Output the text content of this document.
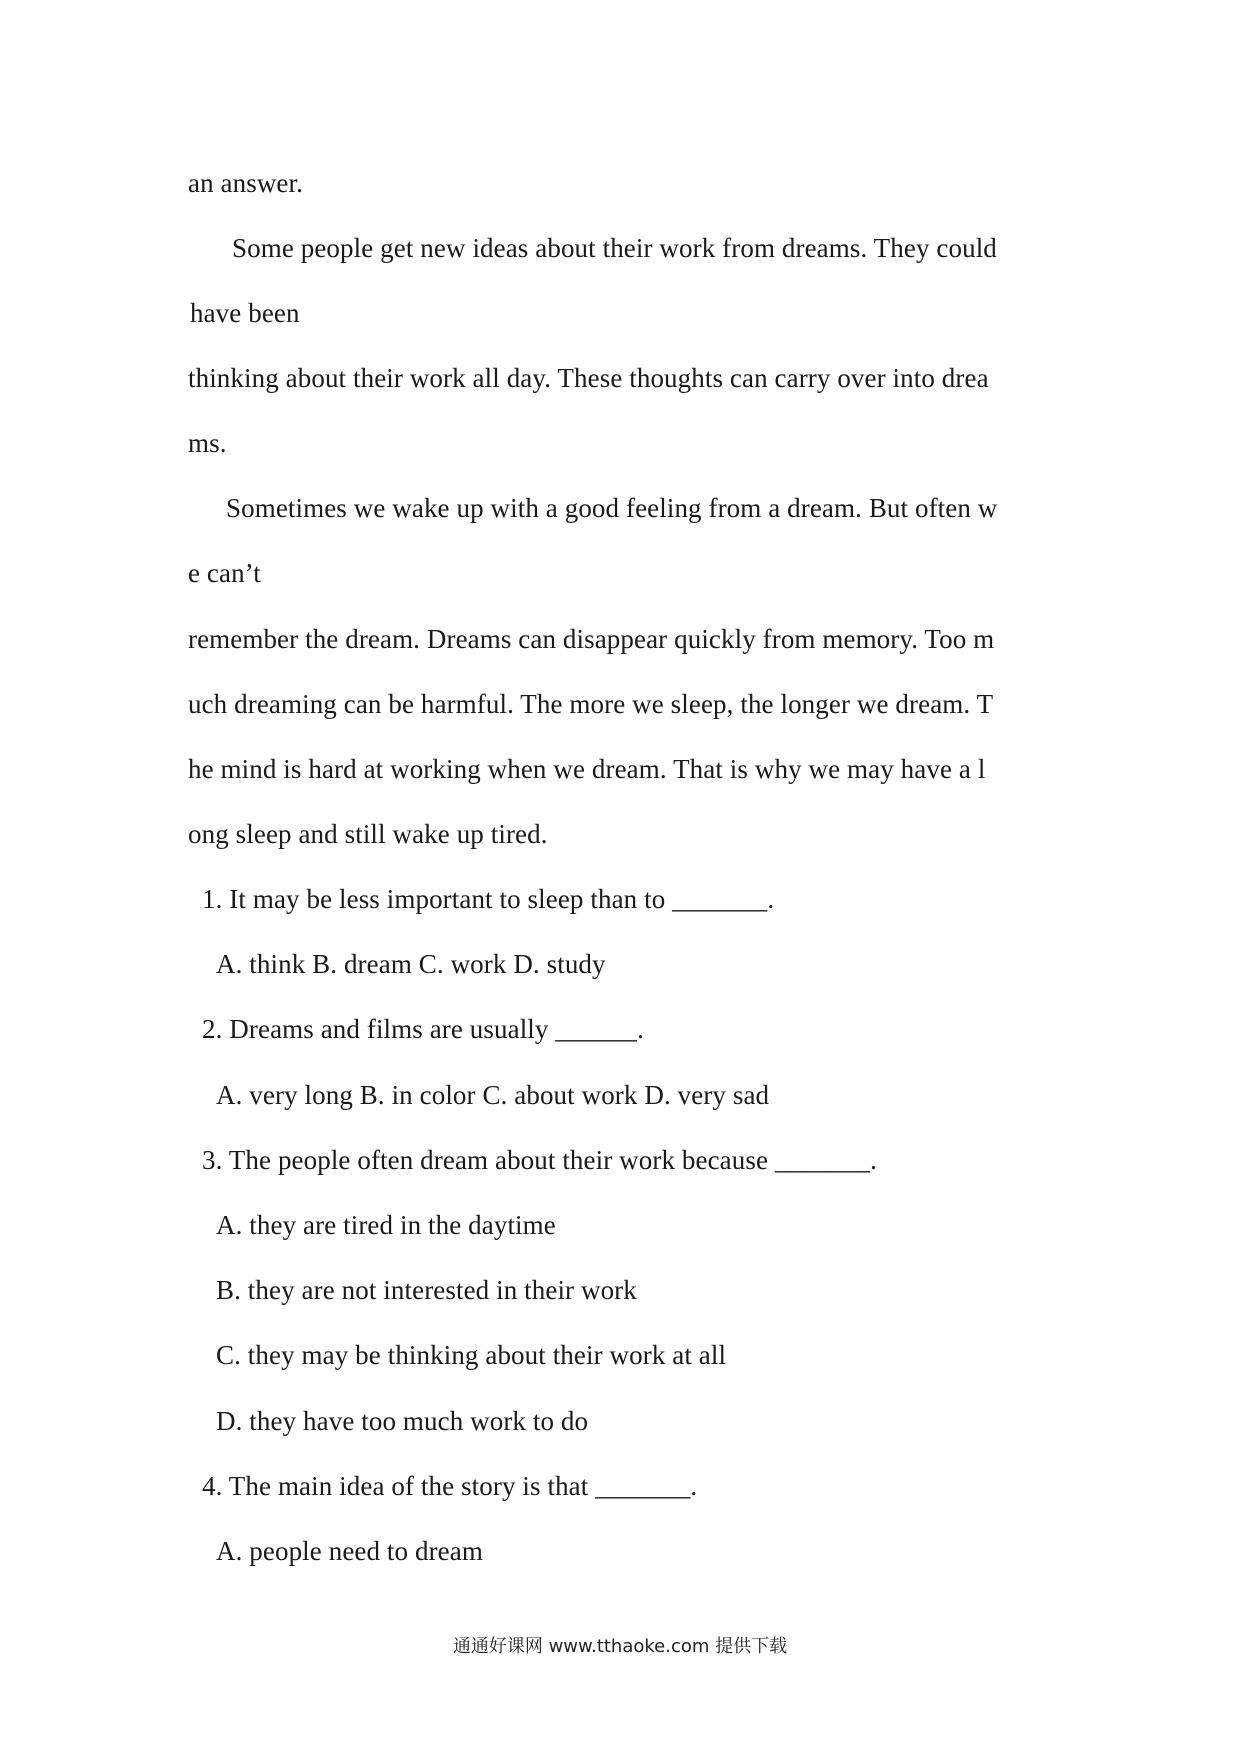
an answer.
Some people get new ideas about their work from dreams. They could
have been
thinking about their work all day. These thoughts can carry over into drea
ms.
Sometimes we wake up with a good feeling from a dream. But often w
e can’t
remember the dream. Dreams can disappear quickly from memory. Too m
uch dreaming can be harmful. The more we sleep, the longer we dream. T
he mind is hard at working when we dream. That is why we may have a l
ong sleep and still wake up tired.
1. It may be less important to sleep than to _______.
A. think B. dream C. work D. study
2. Dreams and films are usually ______.
A. very long B. in color C. about work D. very sad
3. The people often dream about their work because _______.
A. they are tired in the daytime
B. they are not interested in their work
C. they may be thinking about their work at all
D. they have too much work to do
4. The main idea of the story is that _______.
A. people need to dream
通通好课网 www.tthaoke.com 提供下载
